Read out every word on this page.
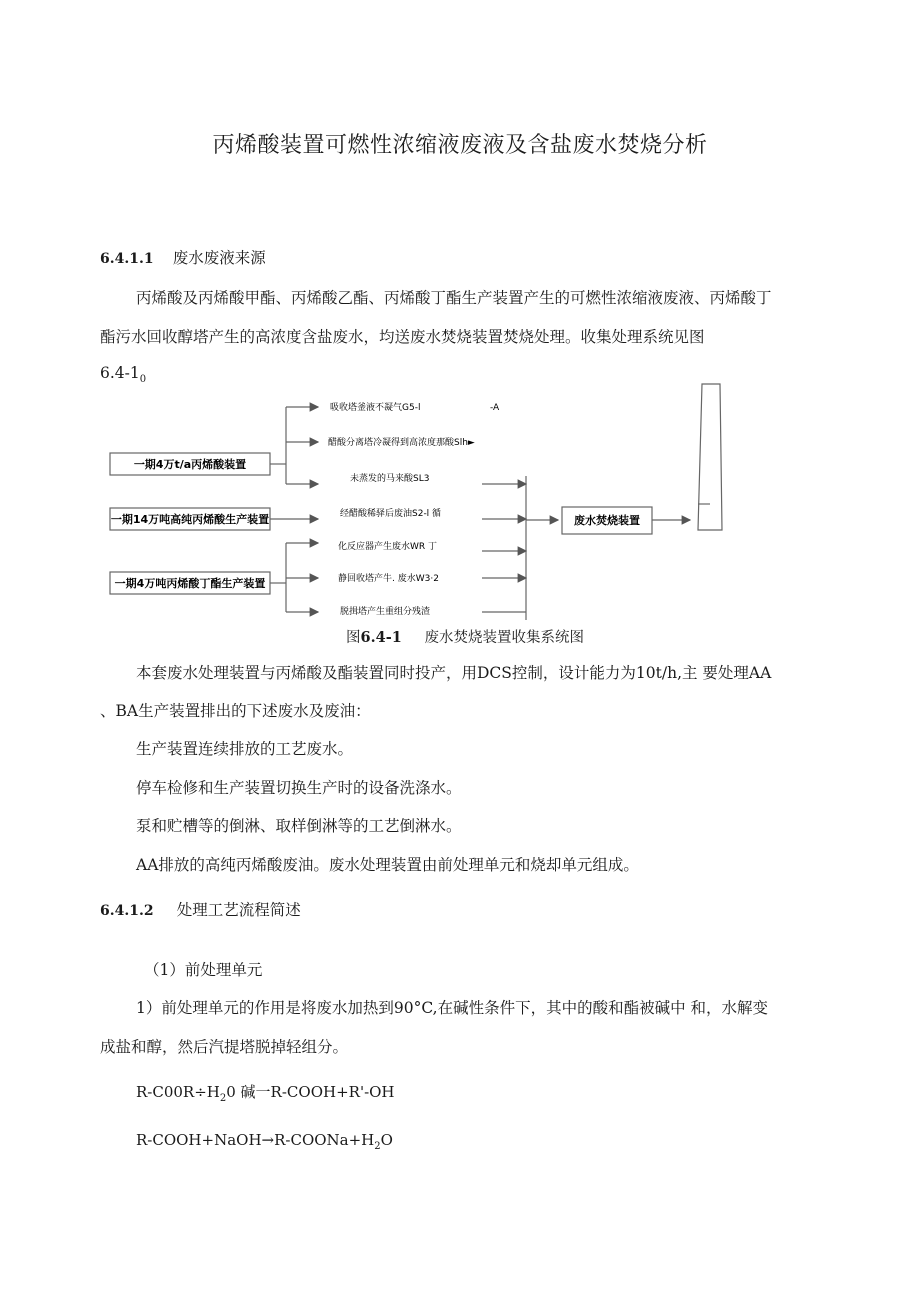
丙烯酸装置可燃性浓缩液废液及含盐废水焚烧分析
6.4.1.1 废水废液来源
丙烯酸及丙烯酸甲酯、丙烯酸乙酯、丙烯酸丁酯生产装置产生的可燃性浓缩液废液、丙烯酸丁
酯污水回收醇塔产生的高浓度含盐废水，均送废水焚烧装置焚烧处理。收集处理系统见图
$6.4-1_0$
一期4万t/a丙烯酸装置
一期14万吨高纯丙烯酸生产装置
一期4万吨丙烯酸丁酯生产装置
吸收塔釜液不凝气G5-l	-A
醋酸分离塔冷凝得到高浓度那酸Slh►
未蒸发的马来酸SL3
经醋酸稀驿后废油S2-l 循
化反应器产生废水WR 丁
静回收塔产牛. 废水W3·2
脱揖塔产生重组分残渣
废水焚烧装置
图6.4-1 废水焚烧装置收集系统图
本套废水处理装置与丙烯酸及酯装置同时投产，用DCS控制，设计能力为10t/h,主 要处理AA
、BA生产装置排出的下述废水及废油：
生产装置连续排放的工艺废水。
停车检修和生产装置切换生产时的设备洗涤水。
泵和贮槽等的倒淋、取样倒淋等的工艺倒淋水。
AA排放的高纯丙烯酸废油。废水处理装置由前处理单元和烧却单元组成。
6.4.1.2 处理工艺流程简述
（1）前处理单元
1）前处理单元的作用是将废水加热到90°C,在碱性条件下，其中的酸和酯被碱中 和，水解变
成盐和醇，然后汽提塔脱掉轻组分。
$R-C00R\div H_20$ 碱一R-COOH+R'-OH
$R-COOH+NaOH\to R-COONa+H_2O$
